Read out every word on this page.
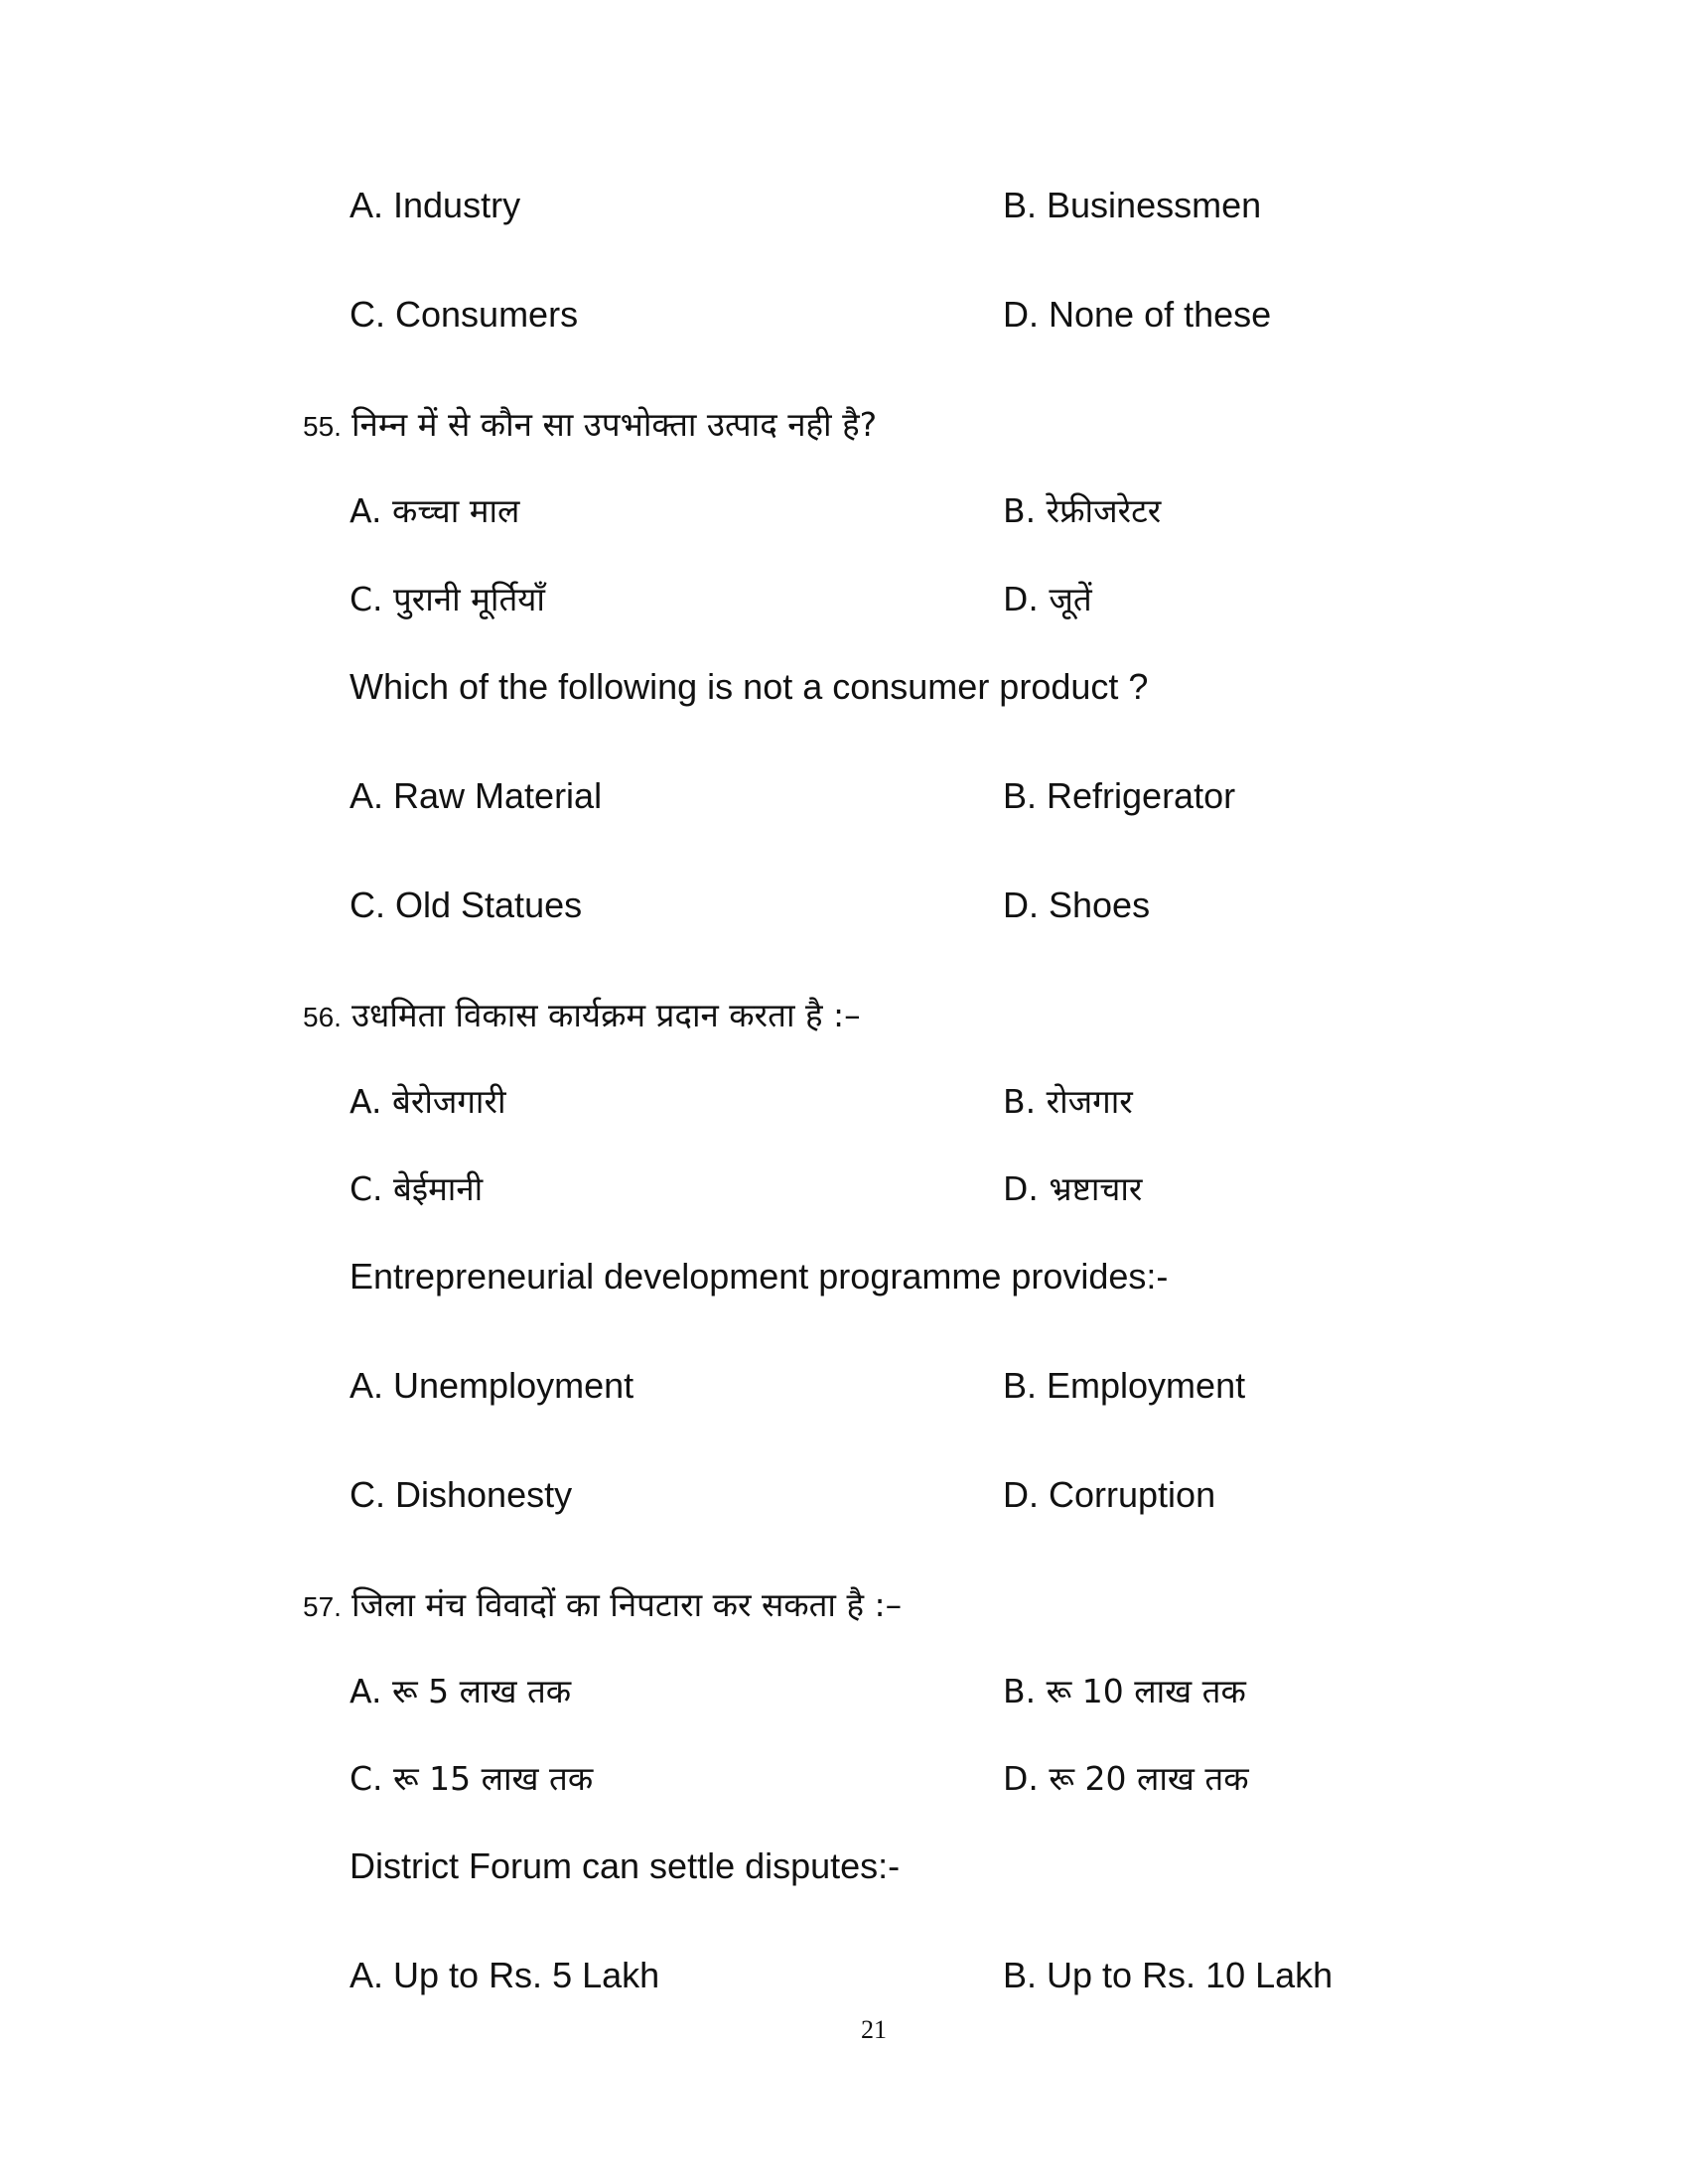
A. Industry	B. Businessmen
C. Consumers	D. None of these
55. निम्न में से कौन सा उपभोक्ता उत्पाद नही है?
A. कच्चा माल	B. रेफ्रीजरेटर
C. पुरानी मूर्तियॉं	D. जूतें
Which of the following is not a consumer product ?
A. Raw Material	B. Refrigerator
C. Old Statues	D. Shoes
56. उधमिता विकास कार्यक्रम प्रदान करता है :–
A. बेरोजगारी	B. रोजगार
C. बेईमानी	D. भ्रष्टाचार
Entrepreneurial development programme provides:-
A. Unemployment	B. Employment
C. Dishonesty	D. Corruption
57. जिला मंच विवादों का निपटारा कर सकता है :–
A. रू 5 लाख तक	B. रू 10 लाख तक
C. रू 15 लाख तक	D. रू 20 लाख तक
District Forum can settle disputes:-
A. Up to Rs. 5 Lakh	B. Up to Rs. 10 Lakh
21
